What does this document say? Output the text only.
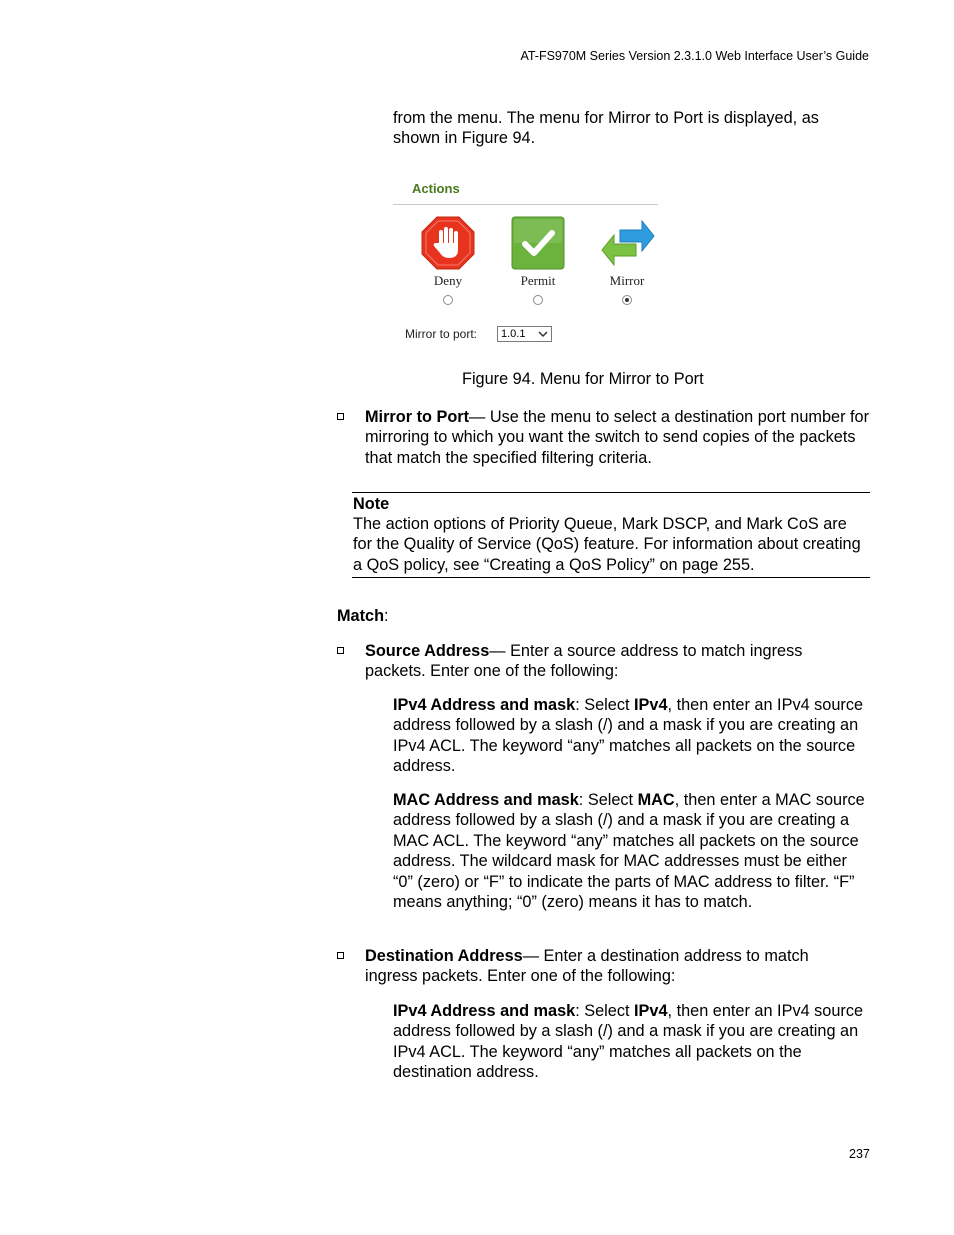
AT-FS970M Series Version 2.3.1.0 Web Interface User’s Guide
from the menu. The menu for Mirror to Port is displayed, as shown in Figure 94.
Actions
Deny	Permit	Mirror
Mirror to port:	1.0.1
Figure 94. Menu for Mirror to Port
Mirror to Port— Use the menu to select a destination port number for mirroring to which you want the switch to send copies of the packets that match the specified filtering criteria.
Note
The action options of Priority Queue, Mark DSCP, and Mark CoS are for the Quality of Service (QoS) feature. For information about creating a QoS policy, see “Creating a QoS Policy” on page 255.
Match:
Source Address— Enter a source address to match ingress packets. Enter one of the following:
IPv4 Address and mask: Select IPv4, then enter an IPv4 source address followed by a slash (/) and a mask if you are creating an IPv4 ACL. The keyword “any” matches all packets on the source address.
MAC Address and mask: Select MAC, then enter a MAC source address followed by a slash (/) and a mask if you are creating a MAC ACL. The keyword “any” matches all packets on the source address. The wildcard mask for MAC addresses must be either “0” (zero) or “F” to indicate the parts of MAC address to filter. “F” means anything; “0” (zero) means it has to match.
Destination Address— Enter a destination address to match ingress packets. Enter one of the following:
IPv4 Address and mask: Select IPv4, then enter an IPv4 source address followed by a slash (/) and a mask if you are creating an IPv4 ACL. The keyword “any” matches all packets on the destination address.
237
